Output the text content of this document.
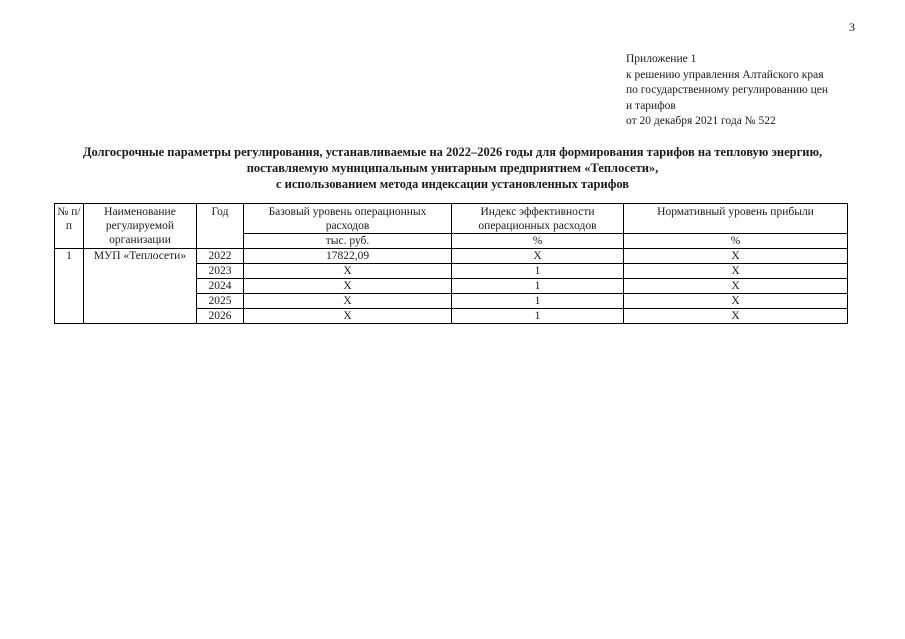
3
Приложение 1
к решению управления Алтайского края
по государственному регулированию цен
и тарифов
от 20 декабря 2021 года № 522
Долгосрочные параметры регулирования, устанавливаемые на 2022–2026 годы для формирования тарифов на тепловую энергию,
поставляемую муниципальным унитарным предприятием «Теплосети»,
с использованием метода индексации установленных тарифов
№ п/п	Наименование регулируемой организации	Год	Базовый уровень операционных расходов	Индекс эффективности операционных расходов	Нормативный уровень прибыли
			тыс. руб.	%	%
1	МУП «Теплосети»	2022	17822,09	Х	Х
		2023	Х	1	Х
		2024	Х	1	Х
		2025	Х	1	Х
		2026	Х	1	Х
